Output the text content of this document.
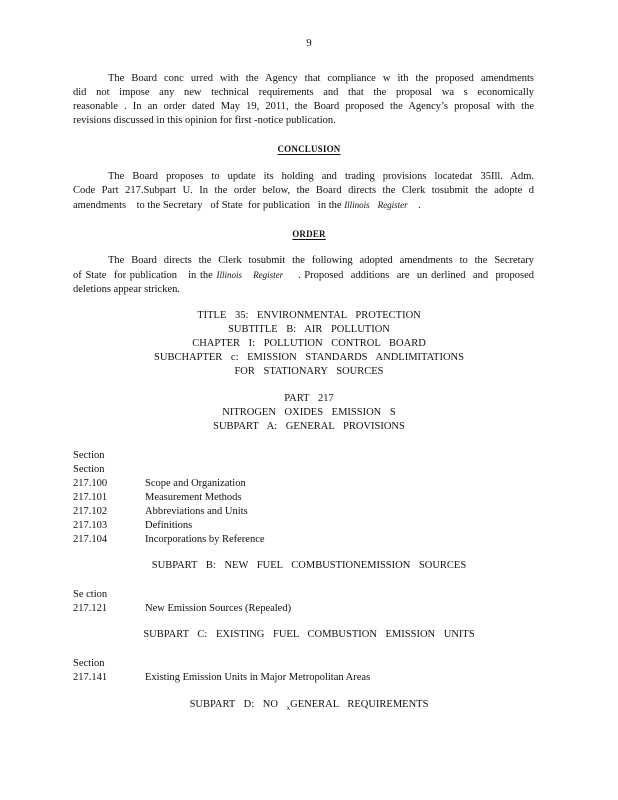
9
The Board conc urred with the Agency that compliance w ith the proposed amendments
did not impose any new technical requirements and that the proposal wa s economically
reasonable . In an order dated May 19, 2011, the Board proposed the Agency’s proposal with the
revisions discussed in this opinion for first -notice publication.
CONCLUSION
The Board proposes to update its holding and trading provisions locatedat 35Ill. Adm.
Code Part 217.Subpart U. In the order below, the Board directs the Clerk tosubmit the adopte d
amendments    to the Secretary   of State  for publication   in the Illinois Register    .
ORDER
The Board directs the Clerk tosubmit the following adopted amendments to the Secretary
of State  for publication   in the Illinois Register    . Proposed  additions  are  un derlined  and  proposed
deletions appear stricken.
TITLE 35: ENVIRONMENTAL PROTECTION
SUBTITLE B: AIR POLLUTION
CHAPTER I: POLLUTION CONTROL BOARD
SUBCHAPTER c: EMISSION STANDARDS ANDLIMITATIONS
FOR STATIONARY SOURCES
PART 217
NITROGEN OXIDES EMISSION S
SUBPART A: GENERAL PROVISIONS
Section
Section
217.100	Scope and Organization
217.101	Measurement Methods
217.102	Abbreviations and Units
217.103	Definitions
217.104	Incorporations by Reference
SUBPART B: NEW FUEL COMBUSTIONEMISSION SOURCES
Se ction
217.121	New Emission Sources (Repealed)
SUBPART C: EXISTING FUEL COMBUSTION EMISSION UNITS
Section
217.141	Existing Emission Units in Major Metropolitan Areas
SUBPART D: NO $_x$GENERAL REQUIREMENTS
